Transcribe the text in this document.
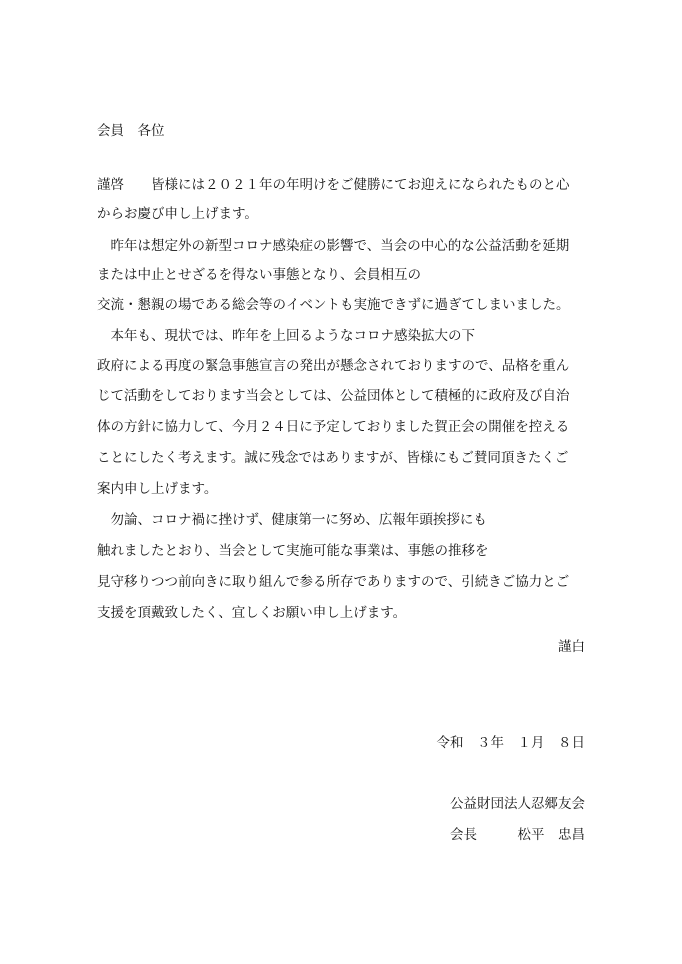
会員　各位
謹啓　　皆様には２０２１年の年明けをご健勝にてお迎えになられたものと心
からお慶び申し上げます。
　昨年は想定外の新型コロナ感染症の影響で、当会の中心的な公益活動を延期
または中止とせざるを得ない事態となり、会員相互の
交流・懇親の場である総会等のイベントも実施できずに過ぎてしまいました。
　本年も、現状では、昨年を上回るようなコロナ感染拡大の下
政府による再度の緊急事態宣言の発出が懸念されておりますので、品格を重ん
じて活動をしております当会としては、公益団体として積極的に政府及び自治
体の方針に協力して、今月２４日に予定しておりました賀正会の開催を控える
ことにしたく考えます。誠に残念ではありますが、皆様にもご賛同頂きたくご
案内申し上げます。
　勿論、コロナ禍に挫けず、健康第一に努め、広報年頭挨拶にも
触れましたとおり、当会として実施可能な事業は、事態の推移を
見守移りつつ前向きに取り組んで参る所存でありますので、引続きご協力とご
支援を頂戴致したく、宜しくお願い申し上げます。
謹白
令和　３年　１月　８日
公益財団法人忍郷友会
会長　　　松平　忠昌
